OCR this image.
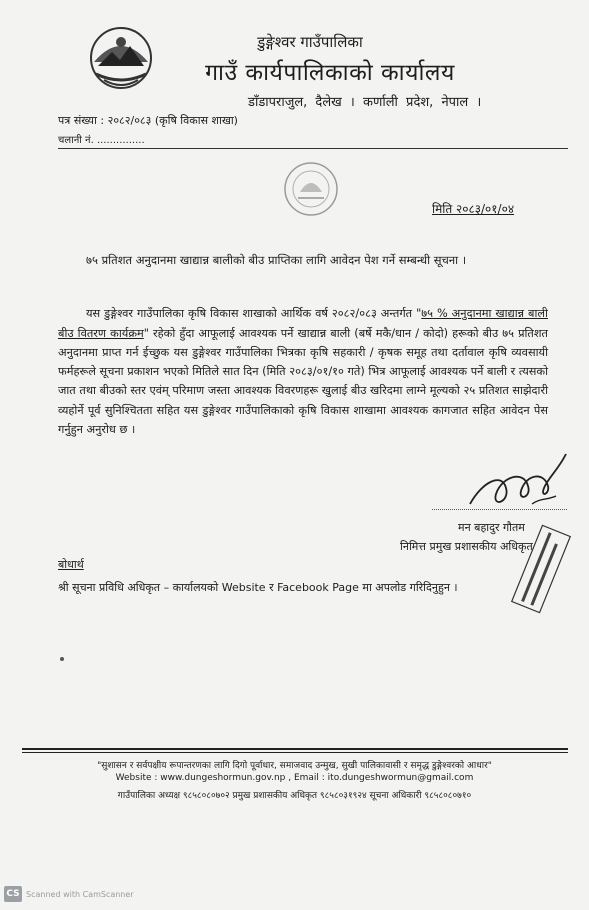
डुङ्गेश्वर गाउँपालिका
गाउँ कार्यपालिकाको कार्यालय
डाँडापराजुल, दैलेख । कर्णाली प्रदेश, नेपाल ।
पत्र संख्या : २०८२/०८३ (कृषि विकास शाखा)
चलानी नं. ...............
मिति २०८३/०१/०४
७५ प्रतिशत अनुदानमा खाद्यान्न बालीको बीउ प्राप्तिका लागि आवेदन पेश गर्ने सम्बन्धी सूचना ।

यस डुङ्गेश्वर गाउँपालिका कृषि विकास शाखाको आर्थिक वर्ष २०८२/०८३ अन्तर्गत "७५ % अनुदानमा खाद्यान्न बाली बीउ वितरण कार्यक्रम" रहेको हुँदा आफूलाई आवश्यक पर्ने खाद्यान्न बाली (बर्षे मकै/धान / कोदो) हरूको बीउ ७५ प्रतिशत अनुदानमा प्राप्त गर्न ईच्छुक यस डुङ्गेश्वर गाउँपालिका भित्रका कृषि सहकारी / कृषक समूह तथा दर्तावाल कृषि व्यवसायी फर्महरूले सूचना प्रकाशन भएको मितिले सात दिन (मिति २०८३/०१/१० गते) भित्र आफूलाई आवश्यक पर्ने बाली र त्यसको जात तथा बीउको स्तर एवंम् परिमाण जस्ता आवश्यक विवरणहरू खुलाई बीउ खरिदमा लाग्ने मूल्यको २५ प्रतिशत साझेदारी व्यहोर्ने पूर्व सुनिश्चितता सहित यस डुङ्गेश्वर गाउँपालिकाको कृषि विकास शाखामा आवश्यक कागजात सहित आवेदन पेस गर्नुहुन अनुरोध छ ।

मन बहादुर गौतम
निमित्त प्रमुख प्रशासकीय अधिकृत
बोधार्थ
श्री सूचना प्रविधि अधिकृत – कार्यालयको Website र Facebook Page मा अपलोड गरिदिनुहुन ।
"सुशासन र सर्वपक्षीय रूपान्तरणका लागि दिगो पूर्वाधार, समाजवाद उन्मुख, सुखी पालिकावासी र समृद्ध डुङ्गेश्वरको आधार"
Website : www.dungeshormun.gov.np , Email : ito.dungeshwormun@gmail.com
गाउँपालिका अध्यक्ष ९८५८०८०७०२ प्रमुख प्रशासकीय अधिकृत ९८५८०३१९२४ सूचना अधिकारी ९८५८०८०७१०
CS Scanned with CamScanner
